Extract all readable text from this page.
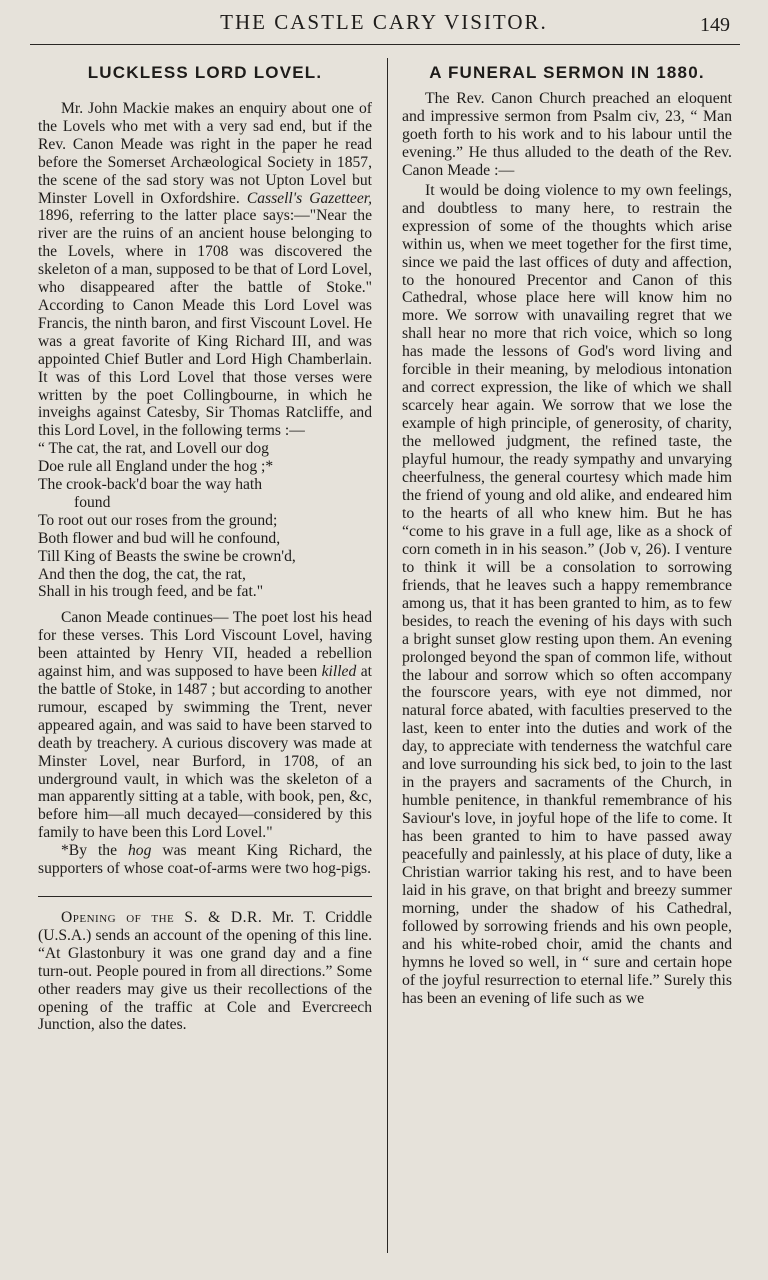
THE CASTLE CARY VISITOR.	149
LUCKLESS LORD LOVEL.

Mr. John Mackie makes an enquiry about one of the Lovels who met with a very sad end, but if the Rev. Canon Meade was right in the paper he read before the Somerset Archæological Society in 1857, the scene of the sad story was not Upton Lovel but Minster Lovell in Oxfordshire. Cassell's Gazetteer, 1896, referring to the latter place says:—"Near the river are the ruins of an ancient house belonging to the Lovels, where in 1708 was discovered the skeleton of a man, supposed to be that of Lord Lovel, who disappeared after the battle of Stoke." According to Canon Meade this Lord Lovel was Francis, the ninth baron, and first Viscount Lovel. He was a great favorite of King Richard III, and was appointed Chief Butler and Lord High Chamberlain. It was of this Lord Lovel that those verses were written by the poet Collingbourne, in which he inveighs against Catesby, Sir Thomas Ratcliffe, and this Lord Lovel, in the following terms :—

“ The cat, the rat, and Lovell our dog
Doe rule all England under the hog ;*
The crook-back'd boar the way hath
found
To root out our roses from the ground;
Both flower and bud will he confound,
Till King of Beasts the swine be crown'd,
And then the dog, the cat, the rat,
Shall in his trough feed, and be fat."

Canon Meade continues— The poet lost his head for these verses. This Lord Viscount Lovel, having been attainted by Henry VII, headed a rebellion against him, and was supposed to have been killed at the battle of Stoke, in 1487 ; but according to another rumour, escaped by swimming the Trent, never appeared again, and was said to have been starved to death by treachery. A curious discovery was made at Minster Lovel, near Burford, in 1708, of an underground vault, in which was the skeleton of a man apparently sitting at a table, with book, pen, &c, before him—all much decayed—considered by this family to have been this Lord Lovel."

*By the hog was meant King Richard, the supporters of whose coat-of-arms were two hog-pigs.

Opening of the S. & D.R. Mr. T. Criddle (U.S.A.) sends an account of the opening of this line. “At Glastonbury it was one grand day and a fine turn-out. People poured in from all directions.” Some other readers may give us their recollections of the opening of the traffic at Cole and Evercreech Junction, also the dates.

A FUNERAL SERMON IN 1880.

The Rev. Canon Church preached an eloquent and impressive sermon from Psalm civ, 23, “ Man goeth forth to his work and to his labour until the evening.” He thus alluded to the death of the Rev. Canon Meade :—

It would be doing violence to my own feelings, and doubtless to many here, to restrain the expression of some of the thoughts which arise within us, when we meet together for the first time, since we paid the last offices of duty and affection, to the honoured Precentor and Canon of this Cathedral, whose place here will know him no more. We sorrow with unavailing regret that we shall hear no more that rich voice, which so long has made the lessons of God's word living and forcible in their meaning, by melodious intonation and correct expression, the like of which we shall scarcely hear again. We sorrow that we lose the example of high principle, of generosity, of charity, the mellowed judgment, the refined taste, the playful humour, the ready sympathy and unvarying cheerfulness, the general courtesy which made him the friend of young and old alike, and endeared him to the hearts of all who knew him. But he has “come to his grave in a full age, like as a shock of corn cometh in in his season.” (Job v, 26). I venture to think it will be a consolation to sorrowing friends, that he leaves such a happy remembrance among us, that it has been granted to him, as to few besides, to reach the evening of his days with such a bright sunset glow resting upon them. An evening prolonged beyond the span of common life, without the labour and sorrow which so often accompany the fourscore years, with eye not dimmed, nor natural force abated, with faculties preserved to the last, keen to enter into the duties and work of the day, to appreciate with tenderness the watchful care and love surrounding his sick bed, to join to the last in the prayers and sacraments of the Church, in humble penitence, in thankful remembrance of his Saviour's love, in joyful hope of the life to come. It has been granted to him to have passed away peacefully and painlessly, at his place of duty, like a Christian warrior taking his rest, and to have been laid in his grave, on that bright and breezy summer morning, under the shadow of his Cathedral, followed by sorrowing friends and his own people, and his white-robed choir, amid the chants and hymns he loved so well, in “ sure and certain hope of the joyful resurrection to eternal life.” Surely this has been an evening of life such as we
